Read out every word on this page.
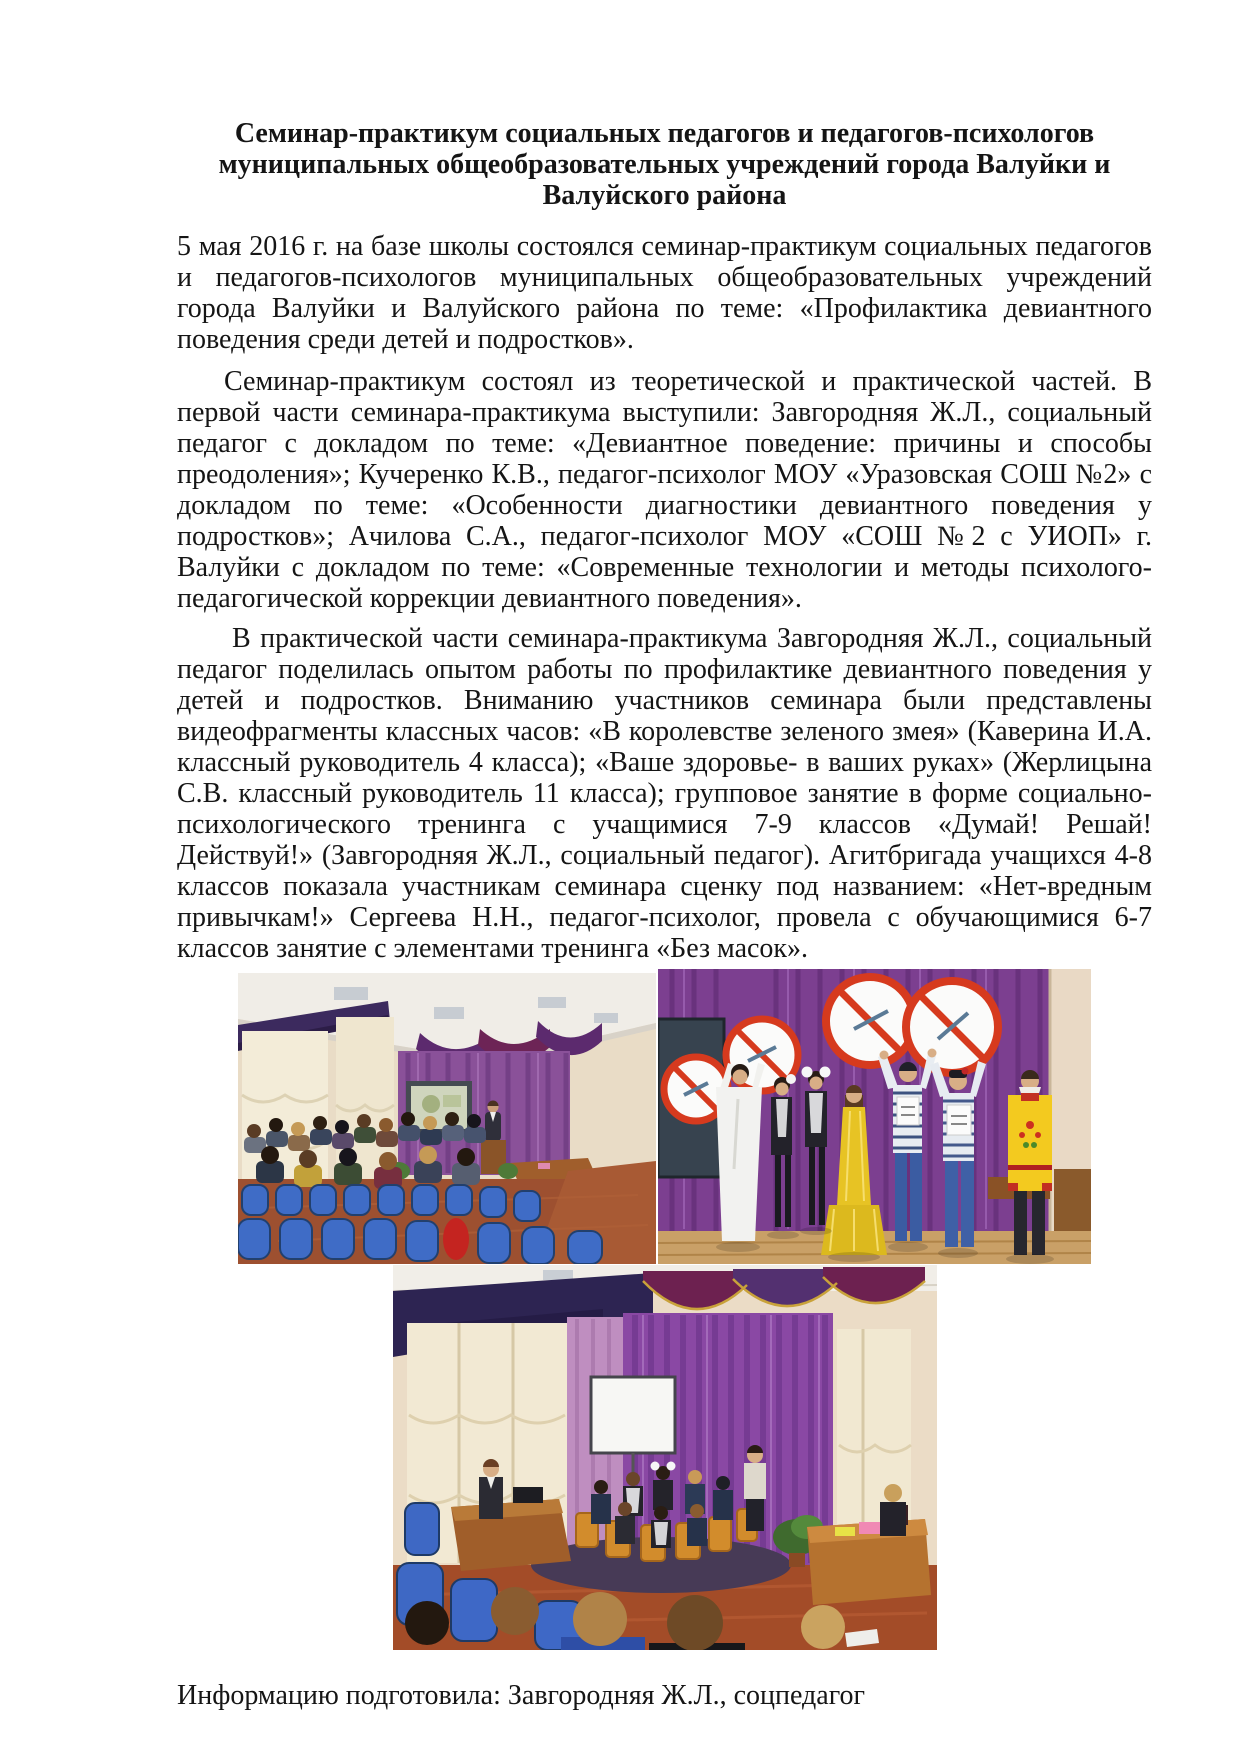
Семинар-практикум социальных педагогов и педагогов-психологов муниципальных общеобразовательных учреждений города Валуйки и Валуйского района

5 мая 2016 г. на базе школы состоялся семинар-практикум социальных педагогов и педагогов-психологов муниципальных общеобразовательных учреждений города Валуйки и Валуйского района по теме: «Профилактика девиантного поведения среди детей и подростков».

Семинар-практикум состоял из теоретической и практической частей. В первой части семинара-практикума выступили: Завгородняя Ж.Л., социальный педагог с докладом по теме: «Девиантное поведение: причины и способы преодоления»; Кучеренко К.В., педагог-психолог МОУ «Уразовская СОШ №2» с докладом по теме: «Особенности диагностики девиантного поведения у подростков»; Ачилова С.А., педагог-психолог МОУ «СОШ №2 с УИОП» г. Валуйки с докладом по теме: «Современные технологии и методы психолого-педагогической коррекции девиантного поведения».

В практической части семинара-практикума Завгородняя Ж.Л., социальный педагог поделилась опытом работы по профилактике девиантного поведения у детей и подростков. Вниманию участников семинара были представлены видеофрагменты классных часов: «В королевстве зеленого змея» (Каверина И.А. классный руководитель 4 класса); «Ваше здоровье- в ваших руках» (Жерлицына С.В. классный руководитель 11 класса); групповое занятие в форме социально-психологического тренинга с учащимися 7-9 классов «Думай! Решай! Действуй!» (Завгородняя Ж.Л., социальный педагог). Агитбригада учащихся 4-8 классов показала участникам семинара сценку под названием: «Нет-вредным привычкам!» Сергеева Н.Н., педагог-психолог, провела с обучающимися 6-7 классов занятие с элементами тренинга «Без масок».

Информацию подготовила: Завгородняя Ж.Л., соцпедагог
